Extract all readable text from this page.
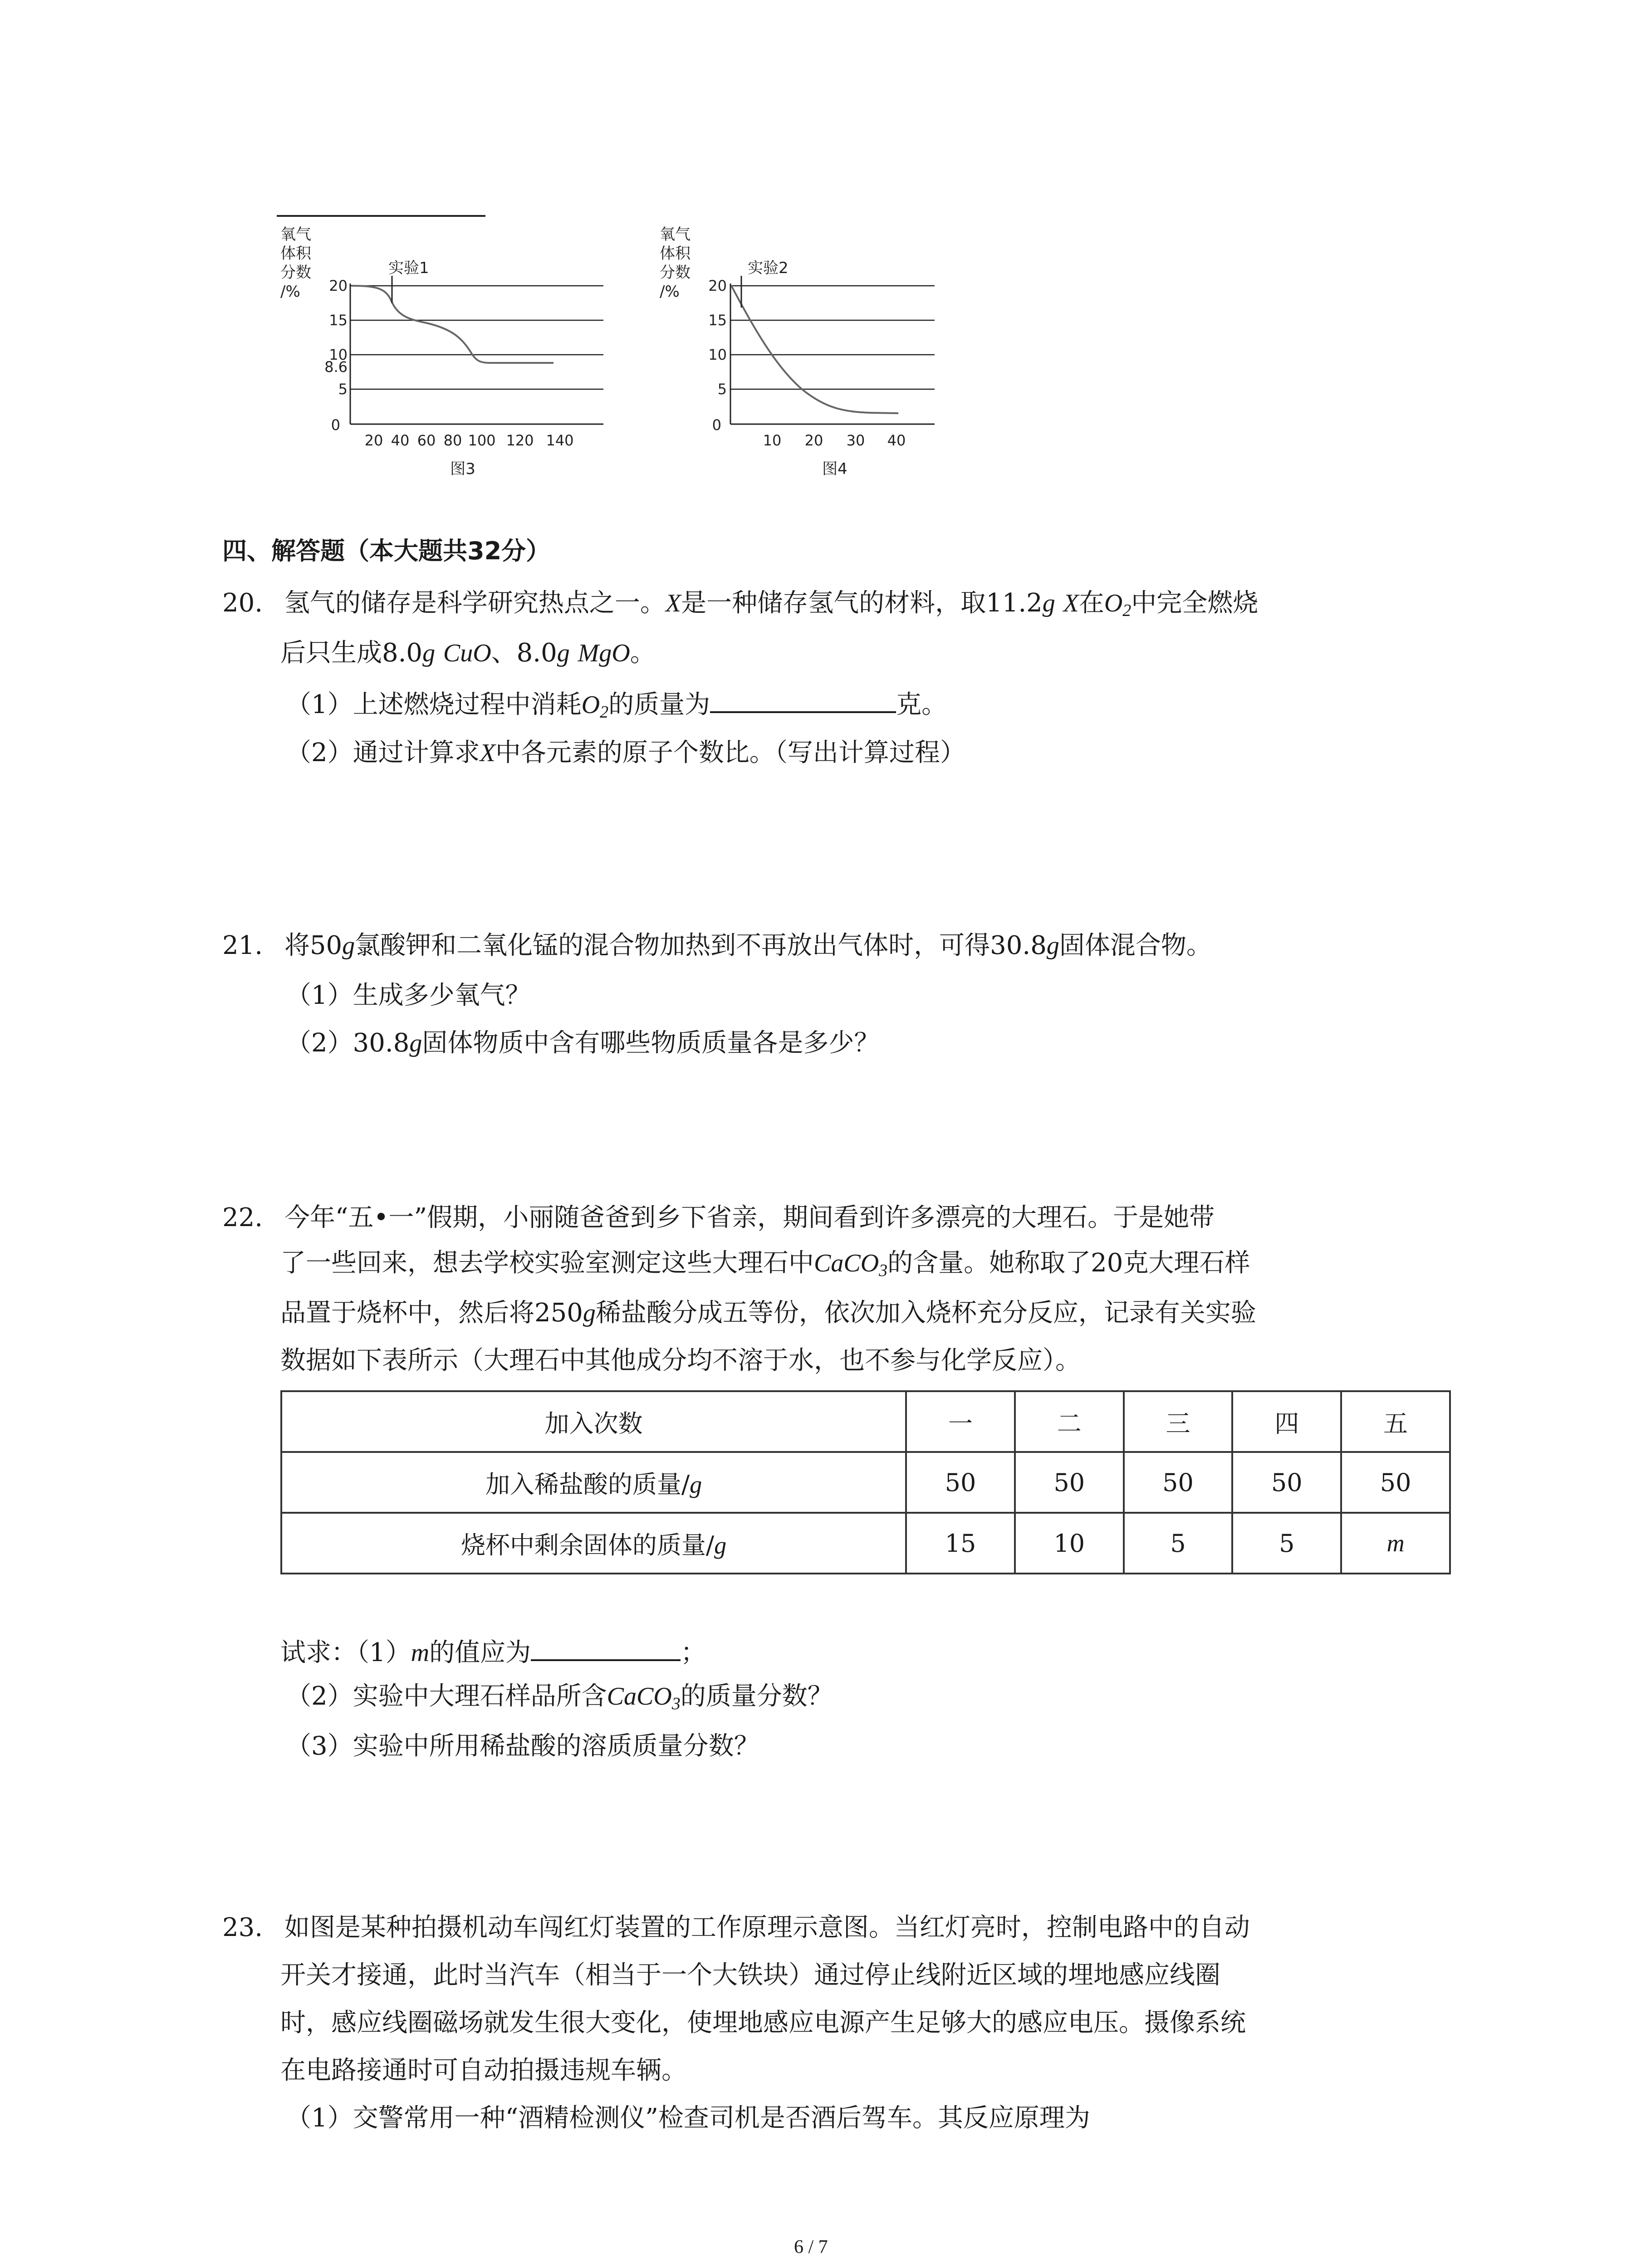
氧气
体积
分数
/% 20
15
10
8.6
5
0
20 40 60 80 100 120 140
实验1
图3
氧气
体积
分数
/% 20
15
10
5
0
10 20 30 40
实验2
图4
四、解答题（本大题共32分）
20. 氢气的储存是科学研究热点之一。X是一种储存氢气的材料，取11.2g X在$O_2$中完全燃烧
后只生成8.0g CuO、8.0g MgO。
（1）上述燃烧过程中消耗$O_2$的质量为	克。
（2）通过计算求X中各元素的原子个数比。（写出计算过程）
21. 将50g氯酸钾和二氧化锰的混合物加热到不再放出气体时，可得30.8g固体混合物。
（1）生成多少氧气？
（2）30.8g固体物质中含有哪些物质质量各是多少？
22. 今年“五•一”假期，小丽随爸爸到乡下省亲，期间看到许多漂亮的大理石。于是她带
了一些回来，想去学校实验室测定这些大理石中CaCO$_3$的含量。她称取了20克大理石样
品置于烧杯中，然后将250g稀盐酸分成五等份，依次加入烧杯充分反应，记录有关实验
数据如下表所示（大理石中其他成分均不溶于水，也不参与化学反应）。
加入次数	一	二	三	四	五
加入稀盐酸的质量/g	50	50	50	50	50
烧杯中剩余固体的质量/g	15	10	5	5	m
试求：（1）m的值应为	；
（2）实验中大理石样品所含CaCO$_3$的质量分数？
（3）实验中所用稀盐酸的溶质质量分数？
23. 如图是某种拍摄机动车闯红灯装置的工作原理示意图。当红灯亮时，控制电路中的自动
开关才接通，此时当汽车（相当于一个大铁块）通过停止线附近区域的埋地感应线圈
时，感应线圈磁场就发生很大变化，使埋地感应电源产生足够大的感应电压。摄像系统
在电路接通时可自动拍摄违规车辆。
（1）交警常用一种“酒精检测仪”检查司机是否酒后驾车。其反应原理为
6 / 7
